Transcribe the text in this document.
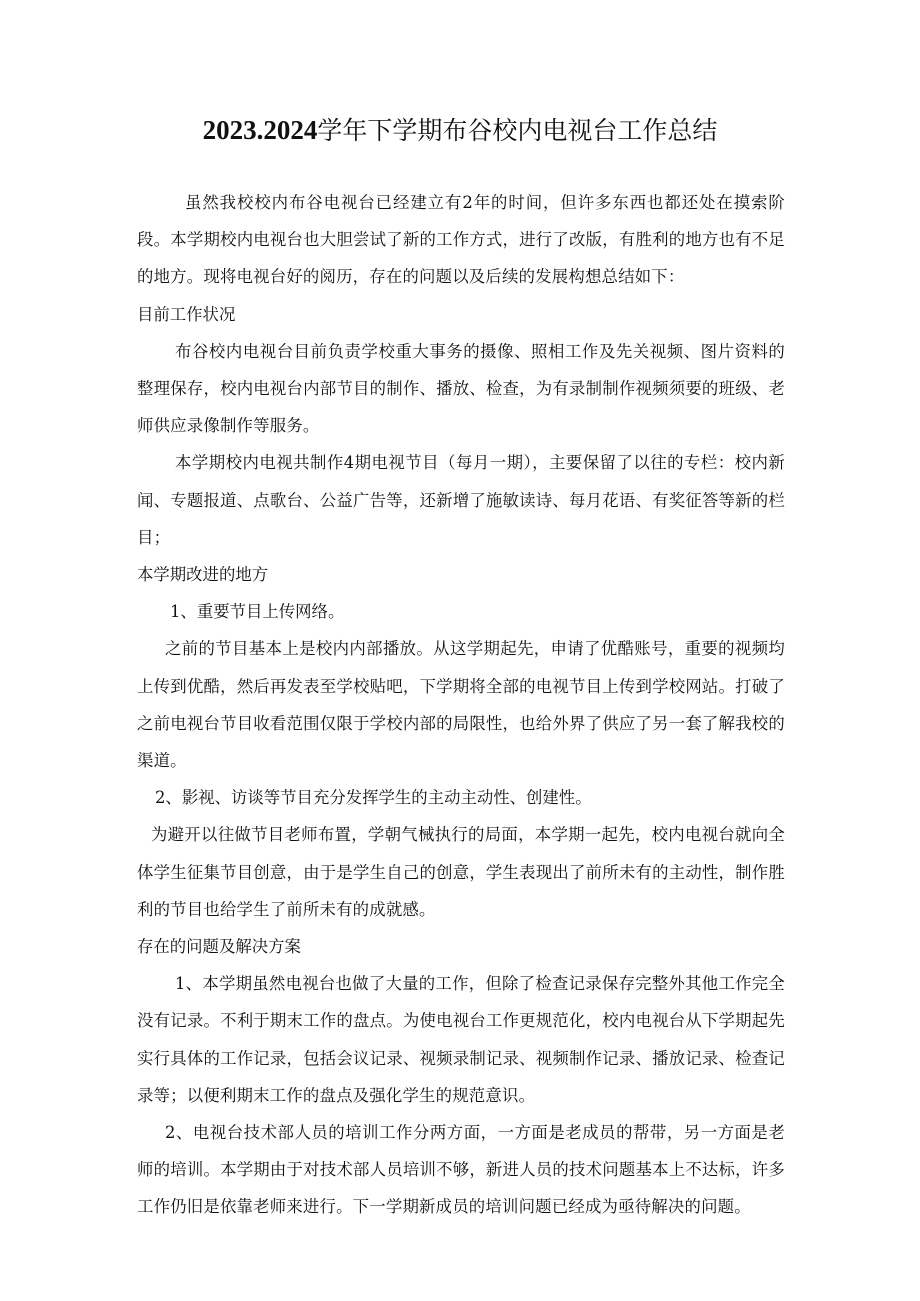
2023.2024学年下学期布谷校内电视台工作总结

虽然我校校内布谷电视台已经建立有2年的时间，但许多东西也都还处在摸索阶段。本学期校内电视台也大胆尝试了新的工作方式，进行了改版，有胜利的地方也有不足的地方。现将电视台好的阅历，存在的问题以及后续的发展构想总结如下：

目前工作状况

布谷校内电视台目前负责学校重大事务的摄像、照相工作及先关视频、图片资料的整理保存，校内电视台内部节目的制作、播放、检查，为有录制制作视频须要的班级、老师供应录像制作等服务。

本学期校内电视共制作4期电视节目（每月一期），主要保留了以往的专栏：校内新闻、专题报道、点歌台、公益广告等，还新增了施敏读诗、每月花语、有奖征答等新的栏目；

本学期改进的地方

1、重要节目上传网络。

之前的节目基本上是校内内部播放。从这学期起先，申请了优酷账号，重要的视频均上传到优酷，然后再发表至学校贴吧，下学期将全部的电视节目上传到学校网站。打破了之前电视台节目收看范围仅限于学校内部的局限性，也给外界了供应了另一套了解我校的渠道。

2、影视、访谈等节目充分发挥学生的主动主动性、创建性。

为避开以往做节目老师布置，学朝气械执行的局面，本学期一起先，校内电视台就向全体学生征集节目创意，由于是学生自己的创意，学生表现出了前所未有的主动性，制作胜利的节目也给学生了前所未有的成就感。

存在的问题及解决方案

1、本学期虽然电视台也做了大量的工作，但除了检查记录保存完整外其他工作完全没有记录。不利于期末工作的盘点。为使电视台工作更规范化，校内电视台从下学期起先实行具体的工作记录，包括会议记录、视频录制记录、视频制作记录、播放记录、检查记录等；以便利期末工作的盘点及强化学生的规范意识。

2、电视台技术部人员的培训工作分两方面，一方面是老成员的帮带，另一方面是老师的培训。本学期由于对技术部人员培训不够，新进人员的技术问题基本上不达标，许多工作仍旧是依靠老师来进行。下一学期新成员的培训问题已经成为亟待解决的问题。
